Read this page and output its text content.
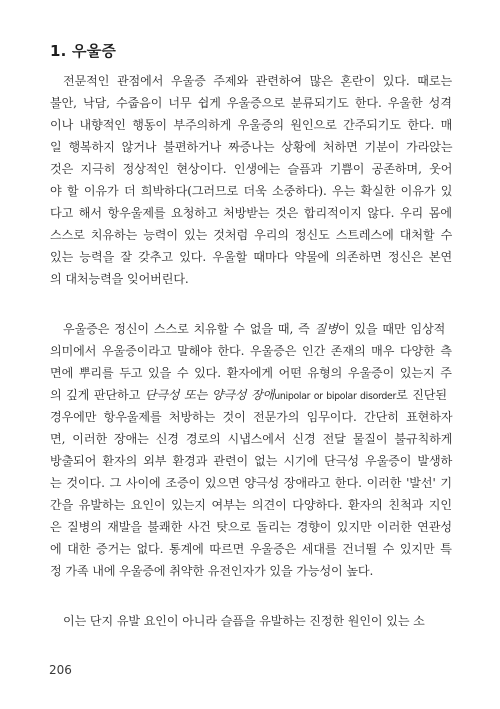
1. 우울증
전문적인 관점에서 우울증 주제와 관련하여 많은 혼란이 있다. 때로는
불안, 낙담, 수줍음이 너무 쉽게 우울증으로 분류되기도 한다. 우울한 성격
이나 내향적인 행동이 부주의하게 우울증의 원인으로 간주되기도 한다. 매
일 행복하지 않거나 불편하거나 짜증나는 상황에 처하면 기분이 가라앉는
것은 지극히 정상적인 현상이다. 인생에는 슬픔과 기쁨이 공존하며, 웃어
야 할 이유가 더 희박하다(그러므로 더욱 소중하다). 우는 확실한 이유가 있
다고 해서 항우울제를 요청하고 처방받는 것은 합리적이지 않다. 우리 몸에
스스로 치유하는 능력이 있는 것처럼 우리의 정신도 스트레스에 대처할 수
있는 능력을 잘 갖추고 있다. 우울할 때마다 약물에 의존하면 정신은 본연
의 대처능력을 잊어버린다.
우울증은 정신이 스스로 치유할 수 없을 때, 즉 질병이 있을 때만 임상적
의미에서 우울증이라고 말해야 한다. 우울증은 인간 존재의 매우 다양한 측
면에 뿌리를 두고 있을 수 있다. 환자에게 어떤 유형의 우울증이 있는지 주
의 깊게 판단하고 단극성 또는 양극성 장애unipolar or bipolar disorder로 진단된
경우에만 항우울제를 처방하는 것이 전문가의 임무이다. 간단히 표현하자
면, 이러한 장애는 신경 경로의 시냅스에서 신경 전달 물질이 불규칙하게
방출되어 환자의 외부 환경과 관련이 없는 시기에 단극성 우울증이 발생하
는 것이다. 그 사이에 조증이 있으면 양극성 장애라고 한다. 이러한 '발선' 기
간을 유발하는 요인이 있는지 여부는 의견이 다양하다. 환자의 친척과 지인
은 질병의 재발을 불쾌한 사건 탓으로 돌리는 경향이 있지만 이러한 연관성
에 대한 증거는 없다. 통계에 따르면 우울증은 세대를 건너뛸 수 있지만 특
정 가족 내에 우울증에 취약한 유전인자가 있을 가능성이 높다.
이는 단지 유발 요인이 아니라 슬픔을 유발하는 진정한 원인이 있는 소
206
